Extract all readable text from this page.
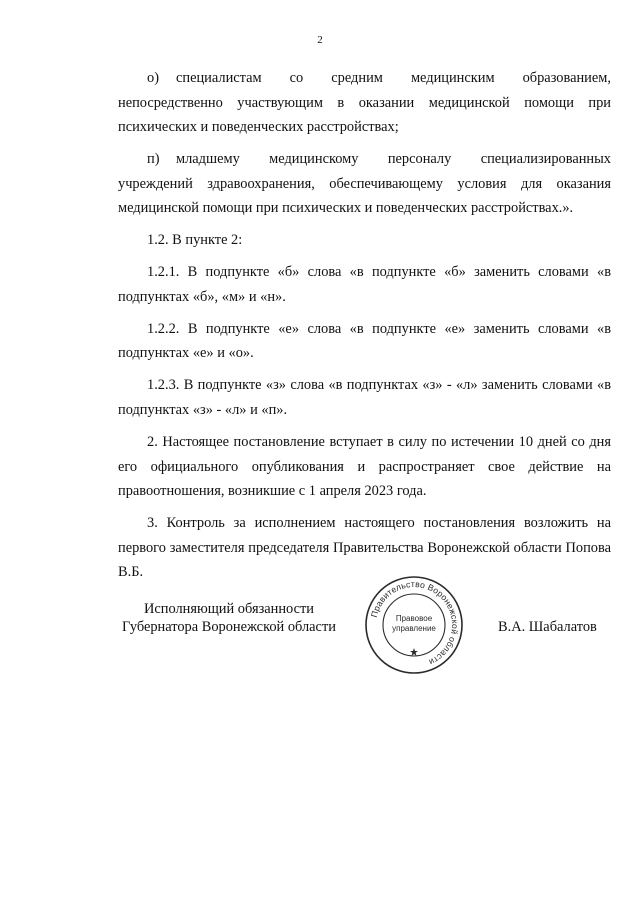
2

о)	специалистам со средним медицинским образованием,
непосредственно участвующим в оказании медицинской помощи при психических и поведенческих расстройствах;

п)	младшему медицинскому персоналу специализированных
учреждений здравоохранения, обеспечивающему условия для оказания медицинской помощи при психических и поведенческих расстройствах.».

1.2. В пункте 2:

1.2.1. В подпункте «б» слова «в подпункте «б» заменить словами «в подпунктах «б», «м» и «н».

1.2.2. В подпункте «е» слова «в подпункте «е» заменить словами «в подпунктах «е» и «о».

1.2.3. В подпункте «з» слова «в подпунктах «з» - «л» заменить словами «в подпунктах «з» - «л» и «п».

2. Настоящее постановление вступает в силу по истечении 10 дней со дня его официального опубликования и распространяет свое действие на правоотношения, возникшие с 1 апреля 2023 года.

3. Контроль за исполнением настоящего постановления возложить на первого заместителя председателя Правительства Воронежской области Попова В.Б.

Исполняющий обязанности
Губернатора Воронежской области
Правительство Воронежской области
Правовое
управление	В.А. Шабалатов
